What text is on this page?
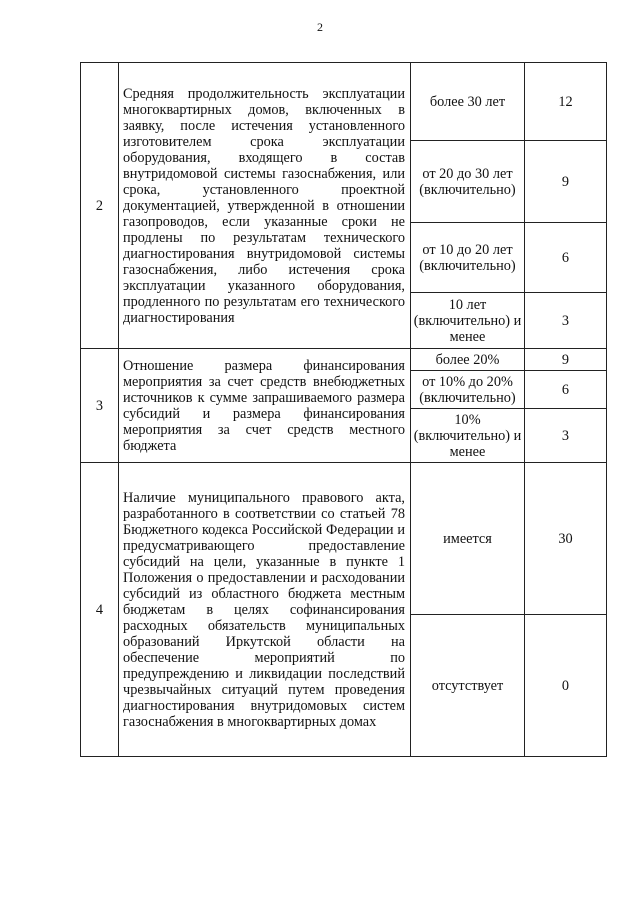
2
2	Средняя продолжительность эксплуатации многоквартирных домов, включенных в заявку, после истечения установленного изготовителем срока эксплуатации оборудования, входящего в состав внутридомовой системы газоснабжения, или срока, установленного проектной документацией, утвержденной в отношении газопроводов, если указанные сроки не продлены по результатам технического диагностирования внутридомовой системы газоснабжения, либо истечения срока эксплуатации указанного оборудования, продленного по результатам его технического диагностирования	более 30 лет	12
		от 20 до 30 лет (включительно)	9
		от 10 до 20 лет (включительно)	6
		10 лет (включительно) и менее	3
3	Отношение размера финансирования мероприятия за счет средств внебюджетных источников к сумме запрашиваемого размера субсидий и размера финансирования мероприятия за счет средств местного бюджета	более 20%	9
		от 10% до 20% (включительно)	6
		10% (включительно) и менее	3
4	Наличие муниципального правового акта, разработанного в соответствии со статьей 78 Бюджетного кодекса Российской Федерации и предусматривающего предоставление субсидий на цели, указанные в пункте 1 Положения о предоставлении и расходовании субсидий из областного бюджета местным бюджетам в целях софинансирования расходных обязательств муниципальных образований Иркутской области на обеспечение мероприятий по предупреждению и ликвидации последствий чрезвычайных ситуаций путем проведения диагностирования внутридомовых систем газоснабжения в многоквартирных домах	имеется	30
		отсутствует	0
